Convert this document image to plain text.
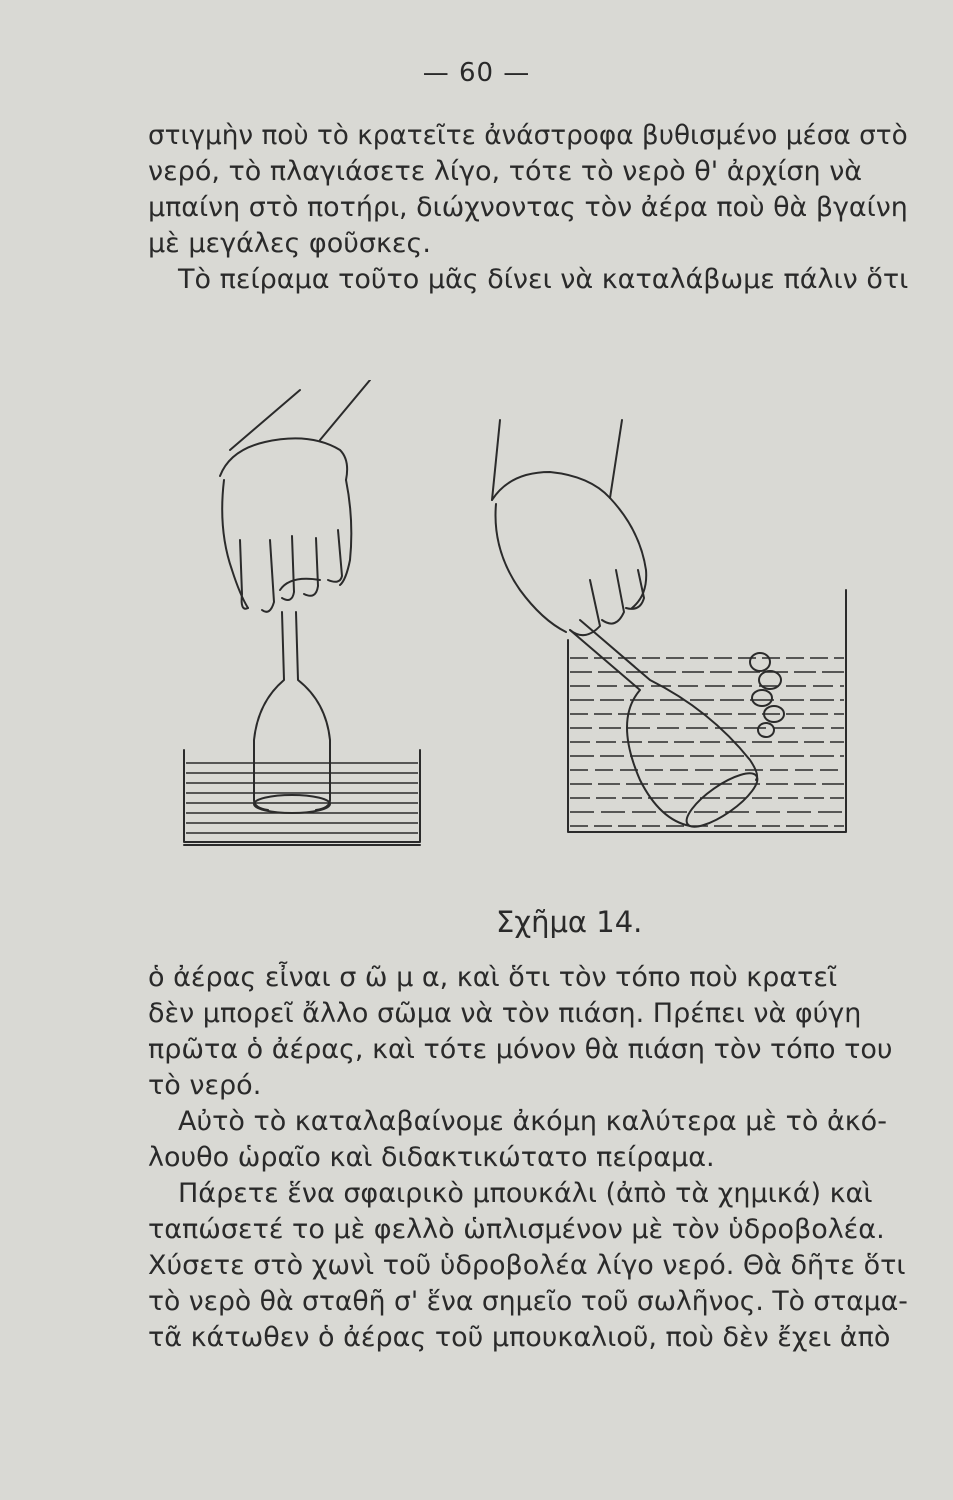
— 60 —
στιγμὴν ποὺ τὸ κρατεῖτε ἀνάστροφα βυθισμένο μέσα στὸ
νερό, τὸ πλαγιάσετε λίγο, τότε τὸ νερὸ θ' ἀρχίση νὰ
μπαίνη στὸ ποτήρι, διώχνοντας τὸν ἀέρα ποὺ θὰ βγαίνη
μὲ μεγάλες φοῦσκες.
Τὸ πείραμα τοῦτο μᾶς δίνει νὰ καταλάβωμε πάλιν ὅτι
Σχῆμα 14.
ὁ ἀέρας εἶναι σ ῶ μ α, καὶ ὅτι τὸν τόπο ποὺ κρατεῖ
δὲν μπορεῖ ἄλλο σῶμα νὰ τὸν πιάση. Πρέπει νὰ φύγη
πρῶτα ὁ ἀέρας, καὶ τότε μόνον θὰ πιάση τὸν τόπο του
τὸ νερό.
Αὐτὸ τὸ καταλαβαίνομε ἀκόμη καλύτερα μὲ τὸ ἀκό-
λουθο ὡραῖο καὶ διδακτικώτατο πείραμα.
Πάρετε ἕνα σφαιρικὸ μπουκάλι (ἀπὸ τὰ χημικά) καὶ
ταπώσετέ το μὲ φελλὸ ὡπλισμένον μὲ τὸν ὑδροβολέα.
Χύσετε στὸ χωνὶ τοῦ ὑδροβολέα λίγο νερό. Θὰ δῆτε ὅτι
τὸ νερὸ θὰ σταθῆ σ' ἕνα σημεῖο τοῦ σωλῆνος. Τὸ σταμα-
τᾶ κάτωθεν ὁ ἀέρας τοῦ μπουκαλιοῦ, ποὺ δὲν ἔχει ἀπὸ
